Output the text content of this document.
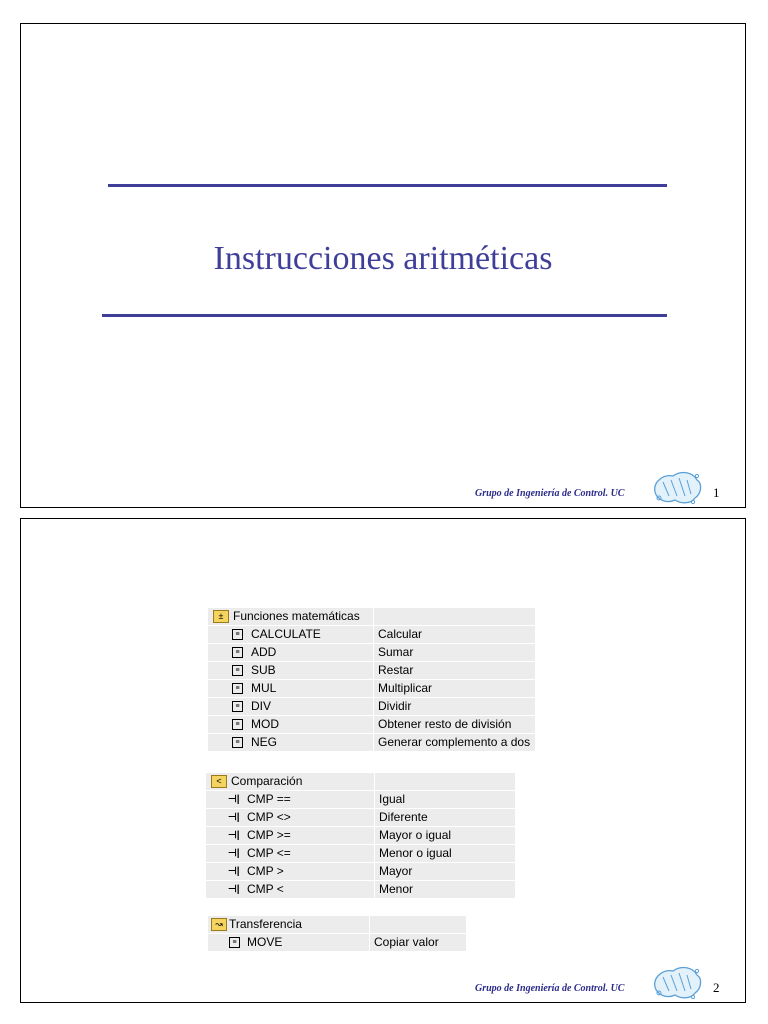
Instrucciones aritméticas
Grupo de Ingeniería de Control. UC	1
± Funciones matemáticas
≡ CALCULATE	Calcular
≡ ADD	Sumar
≡ SUB	Restar
≡ MUL	Multiplicar
≡ DIV	Dividir
≡ MOD	Obtener resto de división
≡ NEG	Generar complemento a dos
< Comparación
⊣| CMP ==	Igual
⊣| CMP <>	Diferente
⊣| CMP >=	Mayor o igual
⊣| CMP <=	Menor o igual
⊣| CMP >	Mayor
⊣| CMP <	Menor
↝ Transferencia
≡ MOVE	Copiar valor
Grupo de Ingeniería de Control. UC	2
